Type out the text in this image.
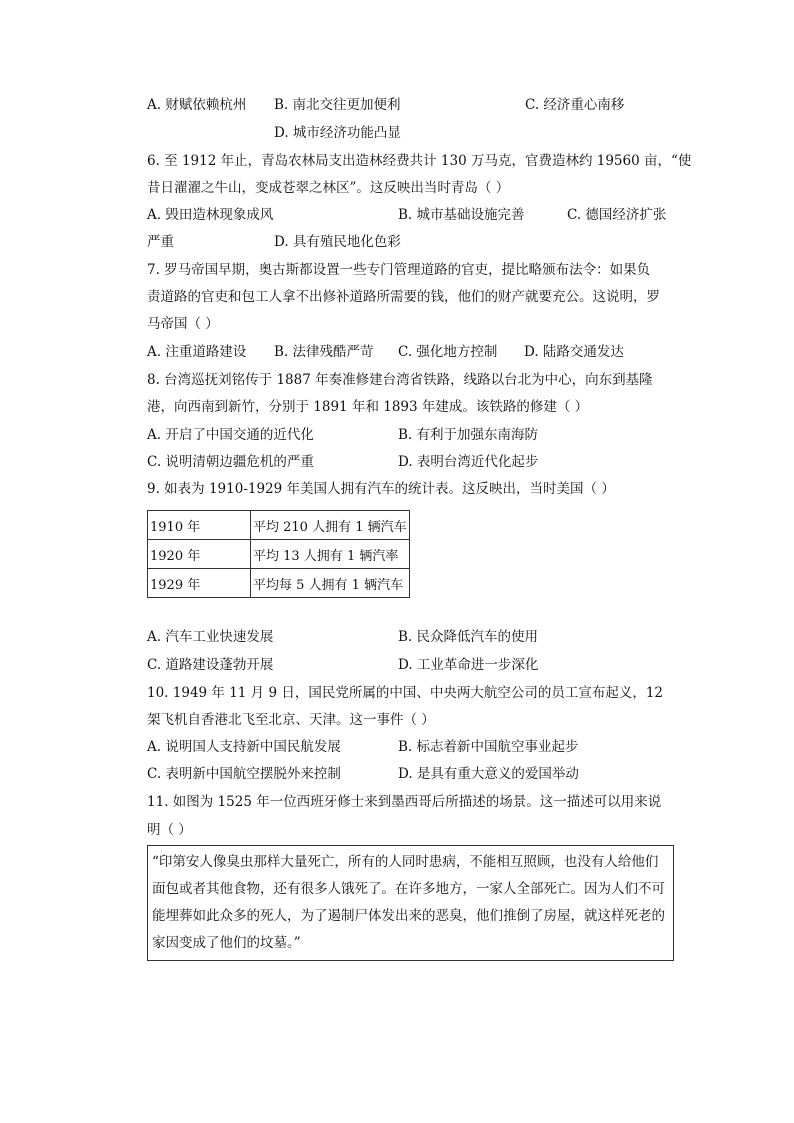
A. 财赋依赖杭州 B. 南北交往更加便利	C. 经济重心南移
D. 城市经济功能凸显
6. 至 1912 年止，青岛农林局支出造林经费共计 130 万马克，官费造林约 19560 亩，“使
昔日濯濯之牛山，变成苍翠之林区”。这反映出当时青岛（ ）
A. 毁田造林现象成风	B. 城市基础设施完善	C. 德国经济扩张
严重	D. 具有殖民地化色彩
7. 罗马帝国早期，奥古斯都设置一些专门管理道路的官吏，提比略颁布法令：如果负
责道路的官吏和包工人拿不出修补道路所需要的钱，他们的财产就要充公。这说明，罗
马帝国（ ）
A. 注重道路建设 B. 法律残酷严苛 C. 强化地方控制 D. 陆路交通发达
8. 台湾巡抚刘铭传于 1887 年奏准修建台湾省铁路，线路以台北为中心，向东到基隆
港，向西南到新竹，分别于 1891 年和 1893 年建成。该铁路的修建（ ）
A. 开启了中国交通的近代化	B. 有利于加强东南海防
C. 说明清朝边疆危机的严重	D. 表明台湾近代化起步
9. 如表为 1910-1929 年美国人拥有汽车的统计表。这反映出，当时美国（ ）
1910 年	平均 210 人拥有 1 辆汽车
1920 年	平均 13 人拥有 1 辆汽率
1929 年	平均每 5 人拥有 1 辆汽车
A. 汽车工业快速发展	B. 民众降低汽车的使用
C. 道路建设蓬勃开展	D. 工业革命进一步深化
10. 1949 年 11 月 9 日，国民党所属的中国、中央两大航空公司的员工宣布起义，12
架飞机自香港北飞至北京、天津。这一事件（ ）
A. 说明国人支持新中国民航发展	B. 标志着新中国航空事业起步
C. 表明新中国航空摆脱外来控制	D. 是具有重大意义的爱国举动
11. 如图为 1525 年一位西班牙修士来到墨西哥后所描述的场景。这一描述可以用来说
明（ ）
“印第安人像臭虫那样大量死亡，所有的人同时患病，不能相互照顾，也没有人给他们
面包或者其他食物，还有很多人饿死了。在许多地方，一家人全部死亡。因为人们不可
能埋葬如此众多的死人，为了遏制尸体发出来的恶臭，他们推倒了房屋，就这样死老的
家因变成了他们的坟墓。”
